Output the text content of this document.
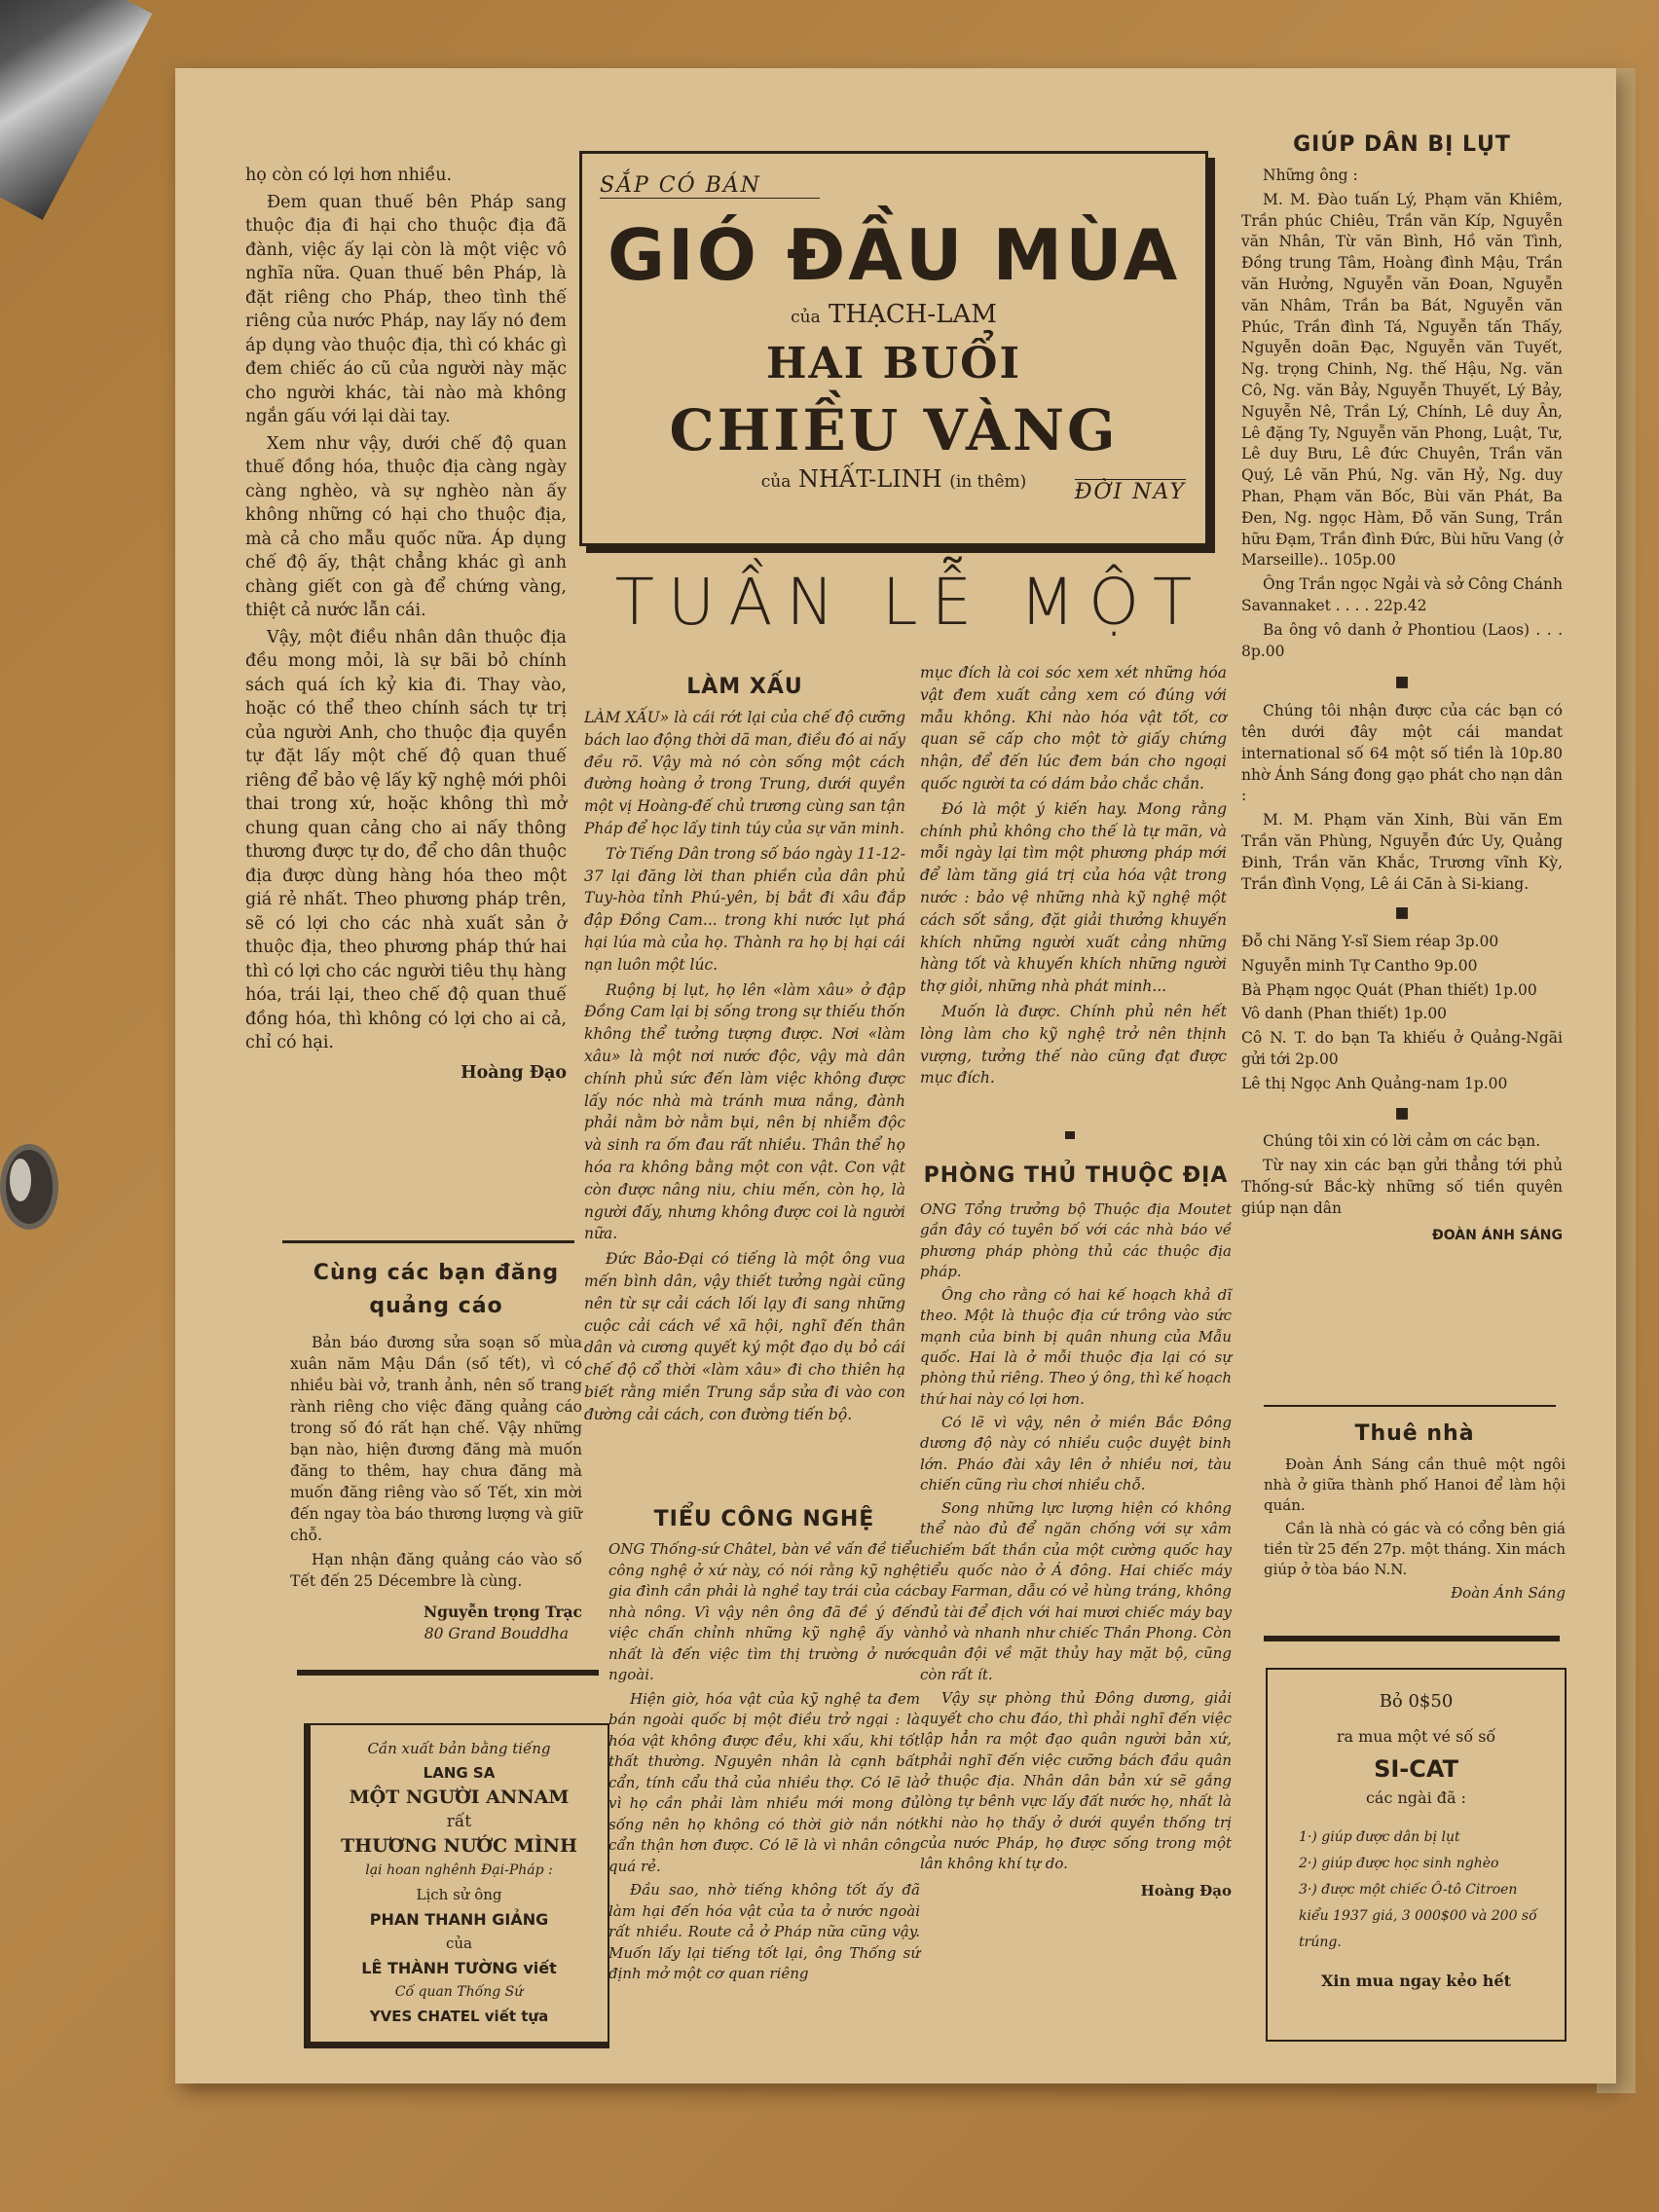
họ còn có lợi hơn nhiều.

Đem quan thuế bên Pháp sang thuộc địa đi hại cho thuộc địa đã đành, việc ấy lại còn là một việc vô nghĩa nữa. Quan thuế bên Pháp, là đặt riêng cho Pháp, theo tình thế riêng của nước Pháp, nay lấy nó đem áp dụng vào thuộc địa, thì có khác gì đem chiếc áo cũ của người này mặc cho người khác, tài nào mà không ngắn gấu với lại dài tay.

Xem như vậy, dưới chế độ quan thuế đồng hóa, thuộc địa càng ngày càng nghèo, và sự nghèo nàn ấy không những có hại cho thuộc địa, mà cả cho mẫu quốc nữa. Áp dụng chế độ ấy, thật chẳng khác gì anh chàng giết con gà để chứng vàng, thiệt cả nước lẫn cái.

Vậy, một điều nhân dân thuộc địa đều mong mỏi, là sự bãi bỏ chính sách quá ích kỷ kia đi. Thay vào, hoặc có thể theo chính sách tự trị của người Anh, cho thuộc địa quyền tự đặt lấy một chế độ quan thuế riêng để bảo vệ lấy kỹ nghệ mới phôi thai trong xứ, hoặc không thì mở chung quan cảng cho ai nấy thông thương được tự do, để cho dân thuộc địa được dùng hàng hóa theo một giá rẻ nhất. Theo phương pháp trên, sẽ có lợi cho các nhà xuất sản ở thuộc địa, theo phương pháp thứ hai thì có lợi cho các người tiêu thụ hàng hóa, trái lại, theo chế độ quan thuế đồng hóa, thì không có lợi cho ai cả, chỉ có hại.

Hoàng Đạo
Cùng các bạn đăng
quảng cáo

Bản báo đương sửa soạn số mùa xuân năm Mậu Dần (số tết), vì có nhiều bài vở, tranh ảnh, nên số trang rành riêng cho việc đăng quảng cáo trong số đó rất hạn chế. Vậy những bạn nào, hiện đương đăng mà muốn đăng to thêm, hay chưa đăng mà muốn đăng riêng vào số Tết, xin mời đến ngay tòa báo thương lượng và giữ chỗ.

Hạn nhận đăng quảng cáo vào số Tết đến 25 Décembre là cùng.

Nguyễn trọng Trạc
80 Grand Bouddha
Cần xuất bản bằng tiếng
LANG SA
MỘT NGƯỜI ANNAM
rất
THƯƠNG NƯỚC MÌNH
lại hoan nghênh Đại-Pháp :
Lịch sử ông
PHAN THANH GIẢNG
của
LÊ THÀNH TƯỜNG viết
Cố quan Thống Sứ
YVES CHATEL viết tựa
SẮP CÓ BÁN
GIÓ ĐẦU MÙA
của THẠCH-LAM
HAI BUỔI
CHIỀU VÀNG
của NHẤT-LINH (in thêm)	ĐỜI NAY
TUẦN LỄ MỘT
LÀM XẤU

LÀM XẤU» là cái rớt lại của chế độ cưỡng bách lao động thời dã man, điều đó ai nấy đều rõ. Vậy mà nó còn sống một cách đường hoàng ở trong Trung, dưới quyền một vị Hoàng-đế chủ trương cùng san tận Pháp để học lấy tinh túy của sự văn minh.

Tờ Tiếng Dân trong số báo ngày 11-12-37 lại đăng lời than phiền của dân phủ Tuy-hòa tỉnh Phú-yên, bị bắt đi xâu đắp đập Đồng Cam... trong khi nước lụt phá hại lúa mà của họ. Thành ra họ bị hại cái nạn luôn một lúc.

Ruộng bị lụt, họ lên «làm xâu» ở đập Đồng Cam lại bị sống trong sự thiếu thốn không thể tưởng tượng được. Nơi «làm xâu» là một nơi nước độc, vậy mà dân chính phủ sức đến làm việc không được lấy nóc nhà mà tránh mưa nắng, đành phải nằm bờ nằm bụi, nên bị nhiễm độc và sinh ra ốm đau rất nhiều. Thân thể họ hóa ra không bằng một con vật. Con vật còn được nâng niu, chiu mến, còn họ, là người đấy, nhưng không được coi là người nữa.

Đức Bảo-Đại có tiếng là một ông vua mến bình dân, vậy thiết tưởng ngài cũng nên từ sự cải cách lối lạy đi sang những cuộc cải cách về xã hội, nghĩ đến thân dân và cương quyết ký một đạo dụ bỏ cái chế độ cổ thời «làm xâu» đi cho thiên hạ biết rằng miền Trung sắp sửa đi vào con đường cải cách, con đường tiến bộ.

TIỂU CÔNG NGHỆ

ONG Thống-sứ Châtel, bàn về vấn đề tiểu công nghệ ở xứ này, có nói rằng kỹ nghệ gia đình cần phải là nghề tay trái của các nhà nông. Vì vậy nên ông đã đề ý đến việc chấn chỉnh những kỹ nghệ ấy và nhất là đến việc tìm thị trường ở nước ngoài.

Hiện giờ, hóa vật của kỹ nghệ ta đem bán ngoài quốc bị một điều trở ngại : là hóa vật không được đều, khi xấu, khi tốt thất thường. Nguyên nhân là cạnh bất cẩn, tính cẩu thả của nhiều thợ. Có lẽ là vì họ cần phải làm nhiều mới mong đủ sống nên họ không có thời giờ nắn nót cẩn thận hơn được. Có lẽ là vì nhân công quá rẻ.

Đầu sao, nhờ tiếng không tốt ấy đã làm hại đến hóa vật của ta ở nước ngoài rất nhiều. Route cả ở Pháp nữa cũng vậy. Muốn lấy lại tiếng tốt lại, ông Thống sứ định mở một cơ quan riêng

mục đích là coi sóc xem xét những hóa vật đem xuất cảng xem có đúng với mẫu không. Khi nào hóa vật tốt, cơ quan sẽ cấp cho một tờ giấy chứng nhận, để đến lúc đem bán cho ngoại quốc người ta có dám bảo chắc chắn.

Đó là một ý kiến hay. Mong rằng chính phủ không cho thế là tự mãn, và mỗi ngày lại tìm một phương pháp mới để làm tăng giá trị của hóa vật trong nước : bảo vệ những nhà kỹ nghệ một cách sốt sắng, đặt giải thưởng khuyến khích những người xuất cảng những hàng tốt và khuyến khích những người thợ giỏi, những nhà phát minh...

Muốn là được. Chính phủ nên hết lòng làm cho kỹ nghệ trở nên thịnh vượng, tưởng thế nào cũng đạt được mục đích.

PHÒNG THỦ THUỘC ĐỊA

ONG Tổng trưởng bộ Thuộc địa Moutet gần đây có tuyên bố với các nhà báo về phương pháp phòng thủ các thuộc địa pháp.

Ông cho rằng có hai kế hoạch khả dĩ theo. Một là thuộc địa cứ trông vào sức mạnh của binh bị quân nhung của Mẫu quốc. Hai là ở mỗi thuộc địa lại có sự phòng thủ riêng. Theo ý ông, thì kế hoạch thứ hai này có lợi hơn.

Có lẽ vì vậy, nên ở miền Bắc Đông dương độ này có nhiều cuộc duyệt binh lớn. Pháo đài xây lên ở nhiều nơi, tàu chiến cũng rìu chơi nhiều chỗ.

Song những lực lượng hiện có không thể nào đủ để ngăn chống với sự xâm chiếm bất thần của một cường quốc hay tiểu quốc nào ở Á đông. Hai chiếc máy bay Farman, dẫu có vẻ hùng tráng, không đủ tài để địch với hai mươi chiếc máy bay nhỏ và nhanh như chiếc Thần Phong. Còn quân đội về mặt thủy hay mặt bộ, cũng còn rất ít.

Vậy sự phòng thủ Đông dương, giải quyết cho chu đáo, thì phải nghĩ đến việc lập hẳn ra một đạo quân người bản xứ, phải nghĩ đến việc cưỡng bách đầu quân ở thuộc địa. Nhân dân bản xứ sẽ gắng lòng tự bênh vực lấy đất nước họ, nhất là khi nào họ thấy ở dưới quyền thống trị của nước Pháp, họ được sống trong một lân không khí tự do.

Hoàng Đạo
GIÚP DÂN BỊ LỤT

Những ông :

M. M. Đào tuấn Lý, Phạm văn Khiêm, Trần phúc Chiêu, Trần văn Kíp, Nguyễn văn Nhân, Từ văn Bình, Hồ văn Tình, Đồng trung Tâm, Hoàng đình Mậu, Trần văn Hưởng, Nguyễn văn Đoan, Nguyễn văn Nhâm, Trần ba Bát, Nguyễn văn Phúc, Trần đình Tá, Nguyễn tấn Thấy, Nguyễn doãn Đạc, Nguyễn văn Tuyết, Ng. trọng Chinh, Ng. thế Hậu, Ng. văn Cô, Ng. văn Bảy, Nguyễn Thuyết, Lý Bảy, Nguyễn Nê, Trần Lý, Chính, Lê duy Ân, Lê đặng Ty, Nguyễn văn Phong, Luật, Tư, Lê duy Bưu, Lê đức Chuyên, Trần văn Quý, Lê văn Phú, Ng. văn Hỷ, Ng. duy Phan, Phạm văn Bốc, Bùi văn Phát, Ba Đen, Ng. ngọc Hàm, Đỗ văn Sung, Trần hữu Đạm, Trần đình Đức, Bùi hữu Vang (ở Marseille).. 105p.00

Ông Trần ngọc Ngải và sở Công Chánh Savannaket . . . . 22p.42

Ba ông vô danh ở Phontiou (Laos) . . . 8p.00

■

Chúng tôi nhận được của các bạn có tên dưới đây một cái mandat international số 64 một số tiền là 10p.80 nhờ Ánh Sáng đong gạo phát cho nạn dân :

M. M. Phạm văn Xinh, Bùi văn Em Trần văn Phùng, Nguyễn đức Uy, Quảng Đinh, Trần văn Khắc, Trương vĩnh Kỳ, Trần đình Vọng, Lê ái Căn à Si-kiang.

■

Đỗ chi Năng Y-sĩ Siem réap 3p.00

Nguyễn minh Tự Cantho 9p.00

Bà Phạm ngọc Quát (Phan thiết) 1p.00

Vô danh (Phan thiết) 1p.00

Cô N. T. do bạn Ta khiếu ở Quảng-Ngãi gửi tới 2p.00

Lê thị Ngọc Anh Quảng-nam 1p.00

■

Chúng tôi xin có lời cảm ơn các bạn.

Từ nay xin các bạn gửi thẳng tới phủ Thống-sứ Bắc-kỳ những số tiền quyên giúp nạn dân

ĐOÀN ÁNH SÁNG
Thuê nhà

Đoàn Ánh Sáng cần thuê một ngôi nhà ở giữa thành phố Hanoi để làm hội quán.

Cần là nhà có gác và có cổng bên giá tiền từ 25 đến 27p. một tháng. Xin mách giúp ở tòa báo N.N.

Đoàn Ánh Sáng
Bỏ 0$50
ra mua một vé số số
SI-CAT
các ngài đã :
1·) giúp được dân bị lụt
2·) giúp được học sinh nghèo
3·) được một chiếc Ô-tô Citroen kiểu 1937 giá, 3 000$00 và 200 số trúng.
Xin mua ngay kẻo hết
